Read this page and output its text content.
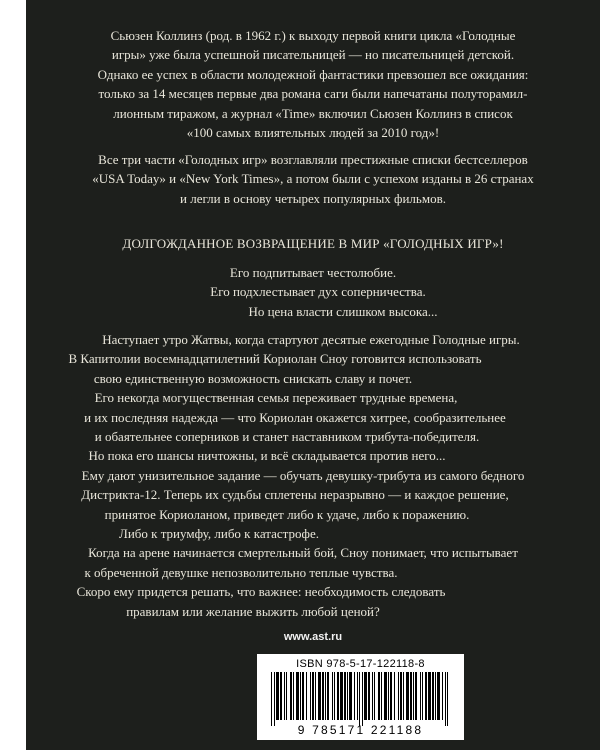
Сьюзен Коллинз (род. в 1962 г.) к выходу первой книги цикла «Голодные
игры» уже была успешной писательницей — но писательницей детской.
Однако ее успех в области молодежной фантастики превзошел все ожидания:
только за 14 месяцев первые два романа саги были напечатаны полуторамил-
лионным тиражом, а журнал «Time» включил Сьюзен Коллинз в список
«100 самых влиятельных людей за 2010 год»!
Все три части «Голодных игр» возглавляли престижные списки бестселлеров
«USA Today» и «New York Times», а потом были с успехом изданы в 26 странах
и легли в основу четырех популярных фильмов.
ДОЛГОЖДАННОЕ ВОЗВРАЩЕНИЕ В МИР «ГОЛОДНЫХ ИГР»!
Его подпитывает честолюбие.
Его подхлестывает дух соперничества.
Но цена власти слишком высока...
Наступает утро Жатвы, когда стартуют десятые ежегодные Голодные игры.
В Капитолии восемнадцатилетний Кориолан Сноу готовится использовать
свою единственную возможность снискать славу и почет.
Его некогда могущественная семья переживает трудные времена,
и их последняя надежда — что Кориолан окажется хитрее, сообразительнее
и обаятельнее соперников и станет наставником трибута-победителя.
Но пока его шансы ничтожны, и всё складывается против него...
Ему дают унизительное задание — обучать девушку-трибута из самого бедного
Дистрикта-12. Теперь их судьбы сплетены неразрывно — и каждое решение,
принятое Кориоланом, приведет либо к удаче, либо к поражению.
Либо к триумфу, либо к катастрофе.
Когда на арене начинается смертельный бой, Сноу понимает, что испытывает
к обреченной девушке непозволительно теплые чувства.
Скоро ему придется решать, что важнее: необходимость следовать
правилам или желание выжить любой ценой?
www.ast.ru
ISBN 978-5-17-122118-8
9 785171 221188
